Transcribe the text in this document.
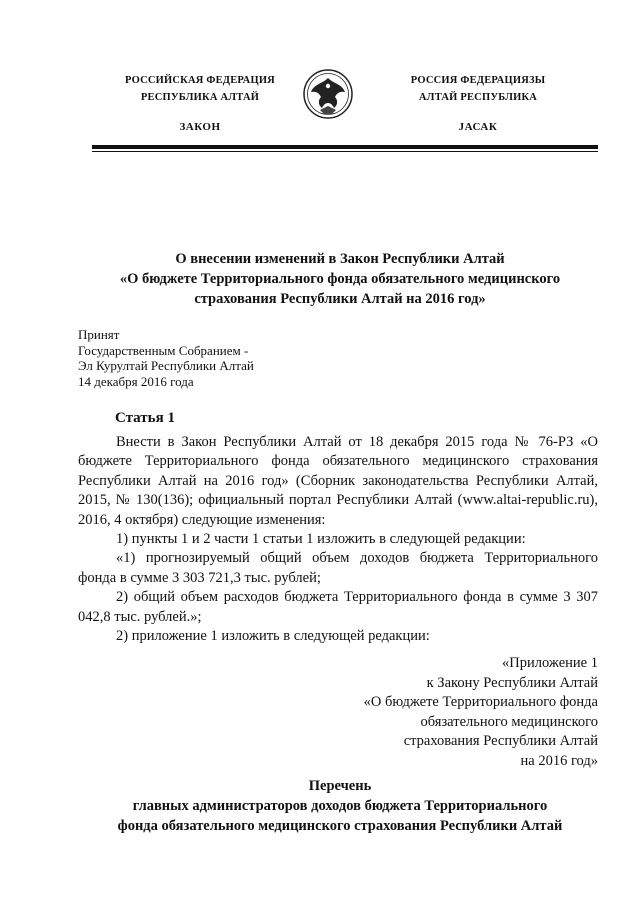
РОССИЙСКАЯ ФЕДЕРАЦИЯ
РЕСПУБЛИКА АЛТАЙ
ЗАКОН
РОССИЯ ФЕДЕРАЦИЯЗЫ
АЛТАЙ РЕСПУБЛИКА
JАСАК
О внесении изменений в Закон Республики Алтай
«О бюджете Территориального фонда обязательного медицинского
страхования Республики Алтай на 2016 год»
Принят
Государственным Собранием -
Эл Курултай Республики Алтай
14 декабря 2016 года
Статья 1

Внести в Закон Республики Алтай от 18 декабря 2015 года № 76-РЗ «О бюджете Территориального фонда обязательного медицинского страхования Республики Алтай на 2016 год» (Сборник законодательства Республики Алтай, 2015, № 130(136); официальный портал Республики Алтай (www.altai-republic.ru), 2016, 4 октября) следующие изменения:

1) пункты 1 и 2 части 1 статьи 1 изложить в следующей редакции:

«1) прогнозируемый общий объем доходов бюджета Территориального фонда в сумме 3 303 721,3 тыс. рублей;

2) общий объем расходов бюджета Территориального фонда в сумме 3 307 042,8 тыс. рублей.»;

2) приложение 1 изложить в следующей редакции:

«Приложение 1
к Закону Республики Алтай
«О бюджете Территориального фонда
обязательного медицинского
страхования Республики Алтай
на 2016 год»
Перечень
главных администраторов доходов бюджета Территориального
фонда обязательного медицинского страхования Республики Алтай
